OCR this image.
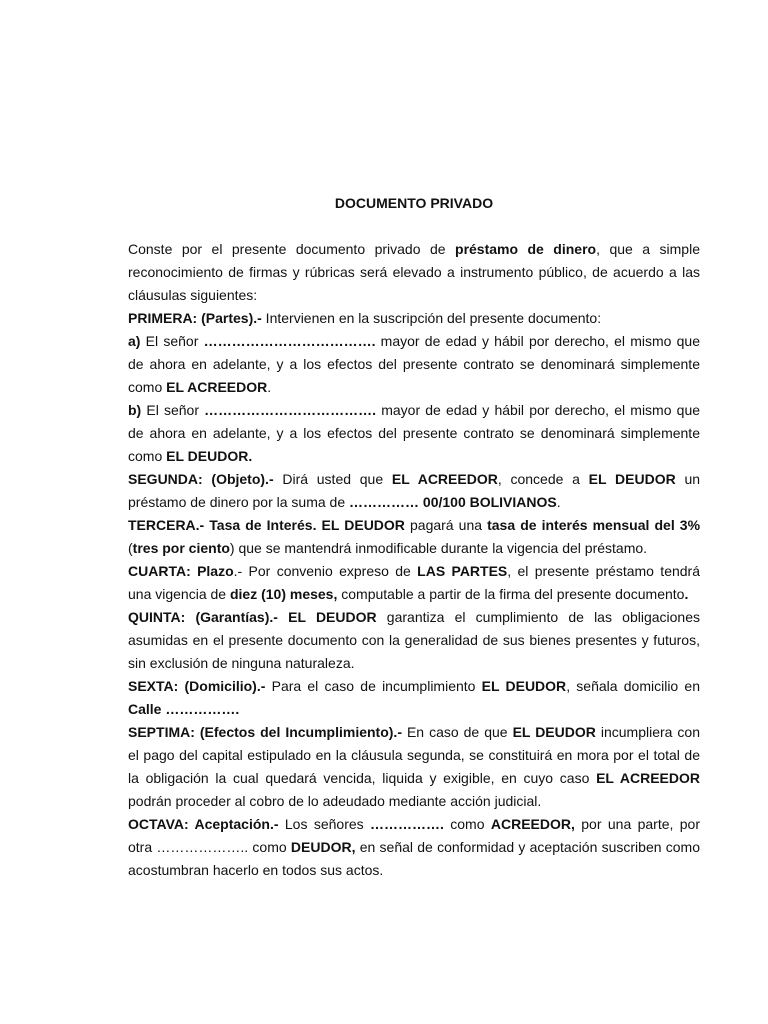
DOCUMENTO PRIVADO

Conste por el presente documento privado de préstamo de dinero, que a simple reconocimiento de firmas y rúbricas será elevado a instrumento público, de acuerdo a las cláusulas siguientes:

PRIMERA: (Partes).- Intervienen en la suscripción del presente documento:

a) El señor ………………………………. mayor de edad y hábil por derecho, el mismo que de ahora en adelante, y a los efectos del presente contrato se denominará simplemente como EL ACREEDOR.

b) El señor ………………………………. mayor de edad y hábil por derecho, el mismo que de ahora en adelante, y a los efectos del presente contrato se denominará simplemente como EL DEUDOR.

SEGUNDA: (Objeto).- Dirá usted que EL ACREEDOR, concede a EL DEUDOR un préstamo de dinero por la suma de …………… 00/100 BOLIVIANOS.

TERCERA.- Tasa de Interés. EL DEUDOR pagará una tasa de interés mensual del 3% (tres por ciento) que se mantendrá inmodificable durante la vigencia del préstamo.

CUARTA: Plazo.- Por convenio expreso de LAS PARTES, el presente préstamo tendrá una vigencia de diez (10) meses, computable a partir de la firma del presente documento.

QUINTA: (Garantías).- EL DEUDOR garantiza el cumplimiento de las obligaciones asumidas en el presente documento con la generalidad de sus bienes presentes y futuros, sin exclusión de ninguna naturaleza.

SEXTA: (Domicilio).- Para el caso de incumplimiento EL DEUDOR, señala domicilio en Calle …………….

SEPTIMA: (Efectos del Incumplimiento).- En caso de que EL DEUDOR incumpliera con el pago del capital estipulado en la cláusula segunda, se constituirá en mora por el total de la obligación la cual quedará vencida, liquida y exigible, en cuyo caso EL ACREEDOR podrán proceder al cobro de lo adeudado mediante acción judicial.

OCTAVA: Aceptación.- Los señores ……………. como ACREEDOR, por una parte, por otra ……………….. como DEUDOR, en señal de conformidad y aceptación suscriben como acostumbran hacerlo en todos sus actos.
